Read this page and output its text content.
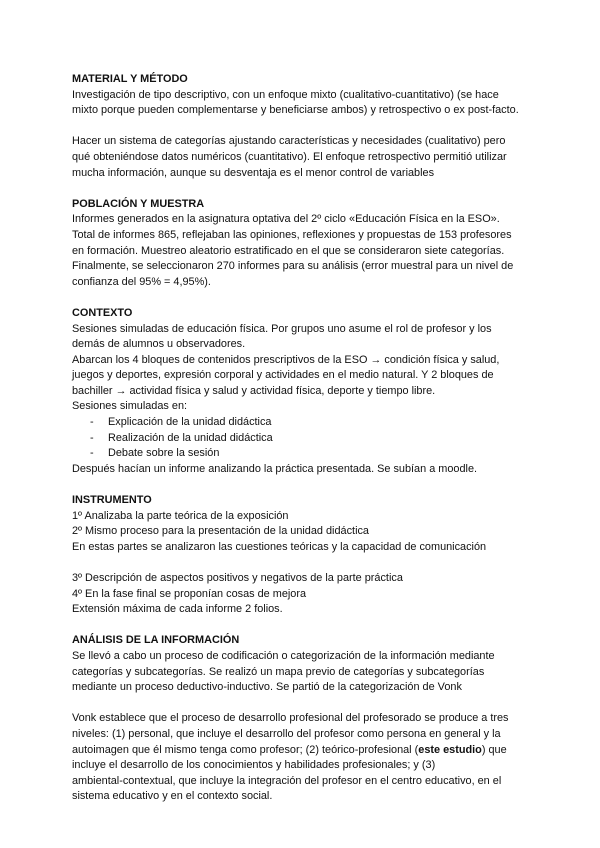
MATERIAL Y MÉTODO

Investigación de tipo descriptivo, con un enfoque mixto (cualitativo-cuantitativo) (se hace
mixto porque pueden complementarse y beneficiarse ambos) y retrospectivo o ex post-facto.

Hacer un sistema de categorías ajustando características y necesidades (cualitativo) pero
qué obteniéndose datos numéricos (cuantitativo). El enfoque retrospectivo permitió utilizar
mucha información, aunque su desventaja es el menor control de variables

POBLACIÓN Y MUESTRA

Informes generados en la asignatura optativa del 2º ciclo «Educación Física en la ESO».
Total de informes 865, reflejaban las opiniones, reflexiones y propuestas de 153 profesores
en formación. Muestreo aleatorio estratificado en el que se consideraron siete categorías.
Finalmente, se seleccionaron 270 informes para su análisis (error muestral para un nivel de
confianza del 95% = 4,95%).

CONTEXTO

Sesiones simuladas de educación física. Por grupos uno asume el rol de profesor y los
demás de alumnos u observadores.
Abarcan los 4 bloques de contenidos prescriptivos de la ESO → condición física y salud,
juegos y deportes, expresión corporal y actividades en el medio natural. Y 2 bloques de
bachiller → actividad física y salud y actividad física, deporte y tiempo libre.
Sesiones simuladas en:

- Explicación de la unidad didáctica
- Realización de la unidad didáctica
- Debate sobre la sesión

Después hacían un informe analizando la práctica presentada. Se subían a moodle.

INSTRUMENTO

1º Analizaba la parte teórica de la exposición
2º Mismo proceso para la presentación de la unidad didáctica
En estas partes se analizaron las cuestiones teóricas y la capacidad de comunicación

3º Descripción de aspectos positivos y negativos de la parte práctica
4º En la fase final se proponían cosas de mejora
Extensión máxima de cada informe 2 folios.

ANÁLISIS DE LA INFORMACIÓN

Se llevó a cabo un proceso de codificación o categorización de la información mediante
categorías y subcategorías. Se realizó un mapa previo de categorías y subcategorías
mediante un proceso deductivo-inductivo. Se partió de la categorización de Vonk

Vonk establece que el proceso de desarrollo profesional del profesorado se produce a tres
niveles: (1) personal, que incluye el desarrollo del profesor como persona en general y la
autoimagen que él mismo tenga como profesor; (2) teórico-profesional (este estudio) que
incluye el desarrollo de los conocimientos y habilidades profesionales; y (3)
ambiental-contextual, que incluye la integración del profesor en el centro educativo, en el
sistema educativo y en el contexto social.
